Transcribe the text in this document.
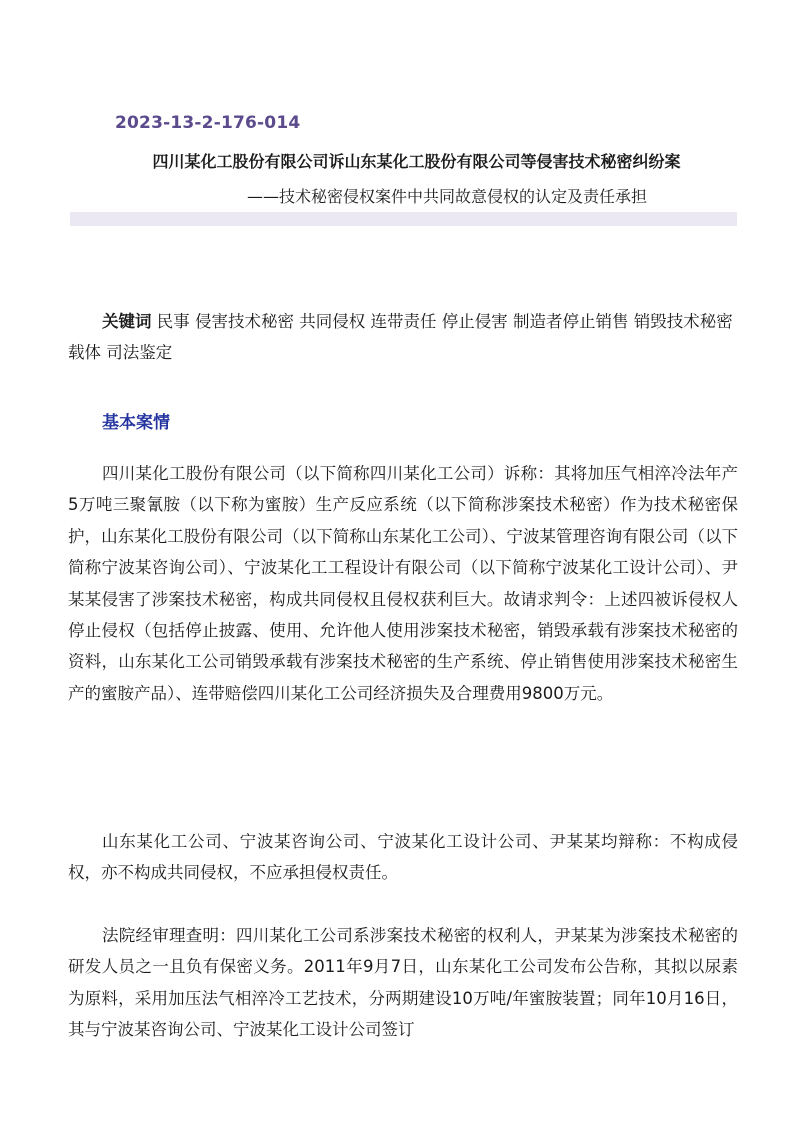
2023-13-2-176-014
四川某化工股份有限公司诉山东某化工股份有限公司等侵害技术秘密纠纷案
——技术秘密侵权案件中共同故意侵权的认定及责任承担

关键词 民事 侵害技术秘密 共同侵权 连带责任 停止侵害 制造者停止销售 销毁技术秘密载体 司法鉴定

基本案情

四川某化工股份有限公司（以下简称四川某化工公司）诉称：其将加压气相淬冷法年产5万吨三聚氰胺（以下称为蜜胺）生产反应系统（以下简称涉案技术秘密）作为技术秘密保护，山东某化工股份有限公司（以下简称山东某化工公司）、宁波某管理咨询有限公司（以下简称宁波某咨询公司）、宁波某化工工程设计有限公司（以下简称宁波某化工设计公司）、尹某某侵害了涉案技术秘密，构成共同侵权且侵权获利巨大。故请求判令：上述四被诉侵权人停止侵权（包括停止披露、使用、允许他人使用涉案技术秘密，销毁承载有涉案技术秘密的资料，山东某化工公司销毁承载有涉案技术秘密的生产系统、停止销售使用涉案技术秘密生产的蜜胺产品）、连带赔偿四川某化工公司经济损失及合理费用9800万元。

山东某化工公司、宁波某咨询公司、宁波某化工设计公司、尹某某均辩称：不构成侵权，亦不构成共同侵权，不应承担侵权责任。

法院经审理查明：四川某化工公司系涉案技术秘密的权利人，尹某某为涉案技术秘密的研发人员之一且负有保密义务。2011年9月7日，山东某化工公司发布公告称，其拟以尿素为原料，采用加压法气相淬冷工艺技术，分两期建设10万吨/年蜜胺装置；同年10月16日，其与宁波某咨询公司、宁波某化工设计公司签订
